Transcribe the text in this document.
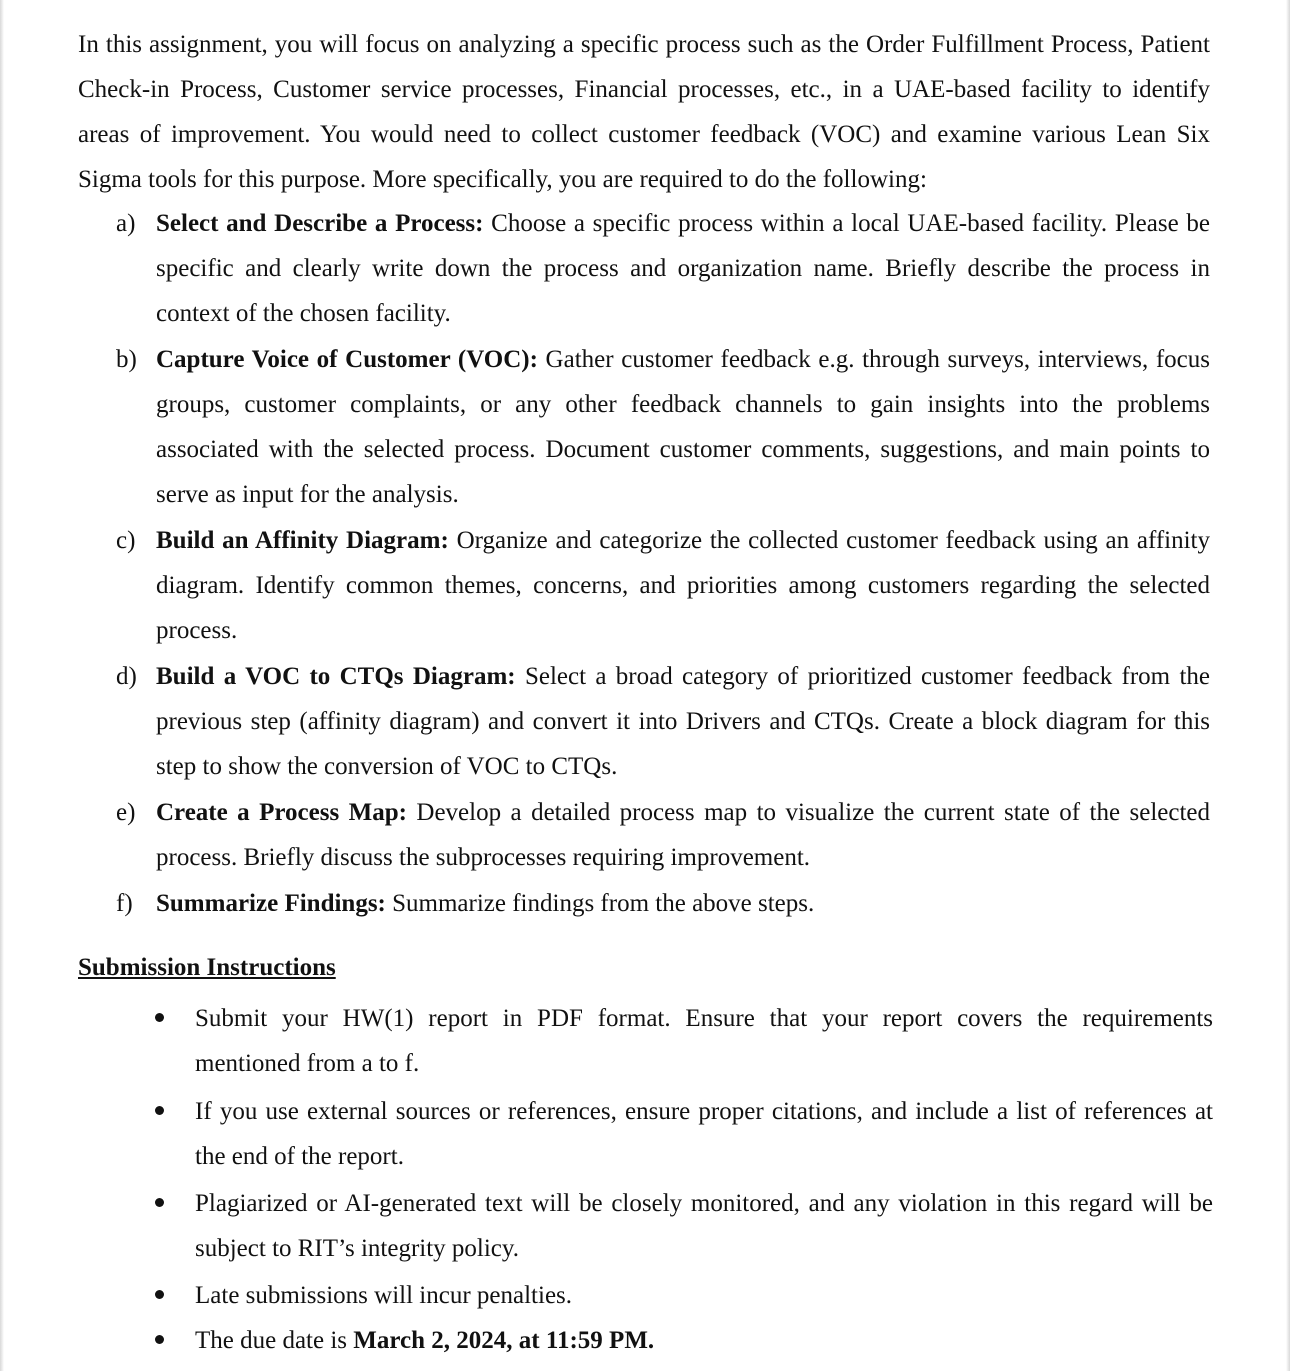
In this assignment, you will focus on analyzing a specific process such as the Order Fulfillment Process, Patient Check-in Process, Customer service processes, Financial processes, etc., in a UAE-based facility to identify areas of improvement. You would need to collect customer feedback (VOC) and examine various Lean Six Sigma tools for this purpose. More specifically, you are required to do the following:

a) Select and Describe a Process: Choose a specific process within a local UAE-based facility. Please be specific and clearly write down the process and organization name. Briefly describe the process in context of the chosen facility.
b) Capture Voice of Customer (VOC): Gather customer feedback e.g. through surveys, interviews, focus groups, customer complaints, or any other feedback channels to gain insights into the problems associated with the selected process. Document customer comments, suggestions, and main points to serve as input for the analysis.
c) Build an Affinity Diagram: Organize and categorize the collected customer feedback using an affinity diagram. Identify common themes, concerns, and priorities among customers regarding the selected process.
d) Build a VOC to CTQs Diagram: Select a broad category of prioritized customer feedback from the previous step (affinity diagram) and convert it into Drivers and CTQs. Create a block diagram for this step to show the conversion of VOC to CTQs.
e) Create a Process Map: Develop a detailed process map to visualize the current state of the selected process. Briefly discuss the subprocesses requiring improvement.
f) Summarize Findings: Summarize findings from the above steps.
Submission Instructions
Submit your HW(1) report in PDF format. Ensure that your report covers the requirements mentioned from a to f.
If you use external sources or references, ensure proper citations, and include a list of references at the end of the report.
Plagiarized or AI-generated text will be closely monitored, and any violation in this regard will be subject to RIT’s integrity policy.
Late submissions will incur penalties.
The due date is March 2, 2024, at 11:59 PM.
